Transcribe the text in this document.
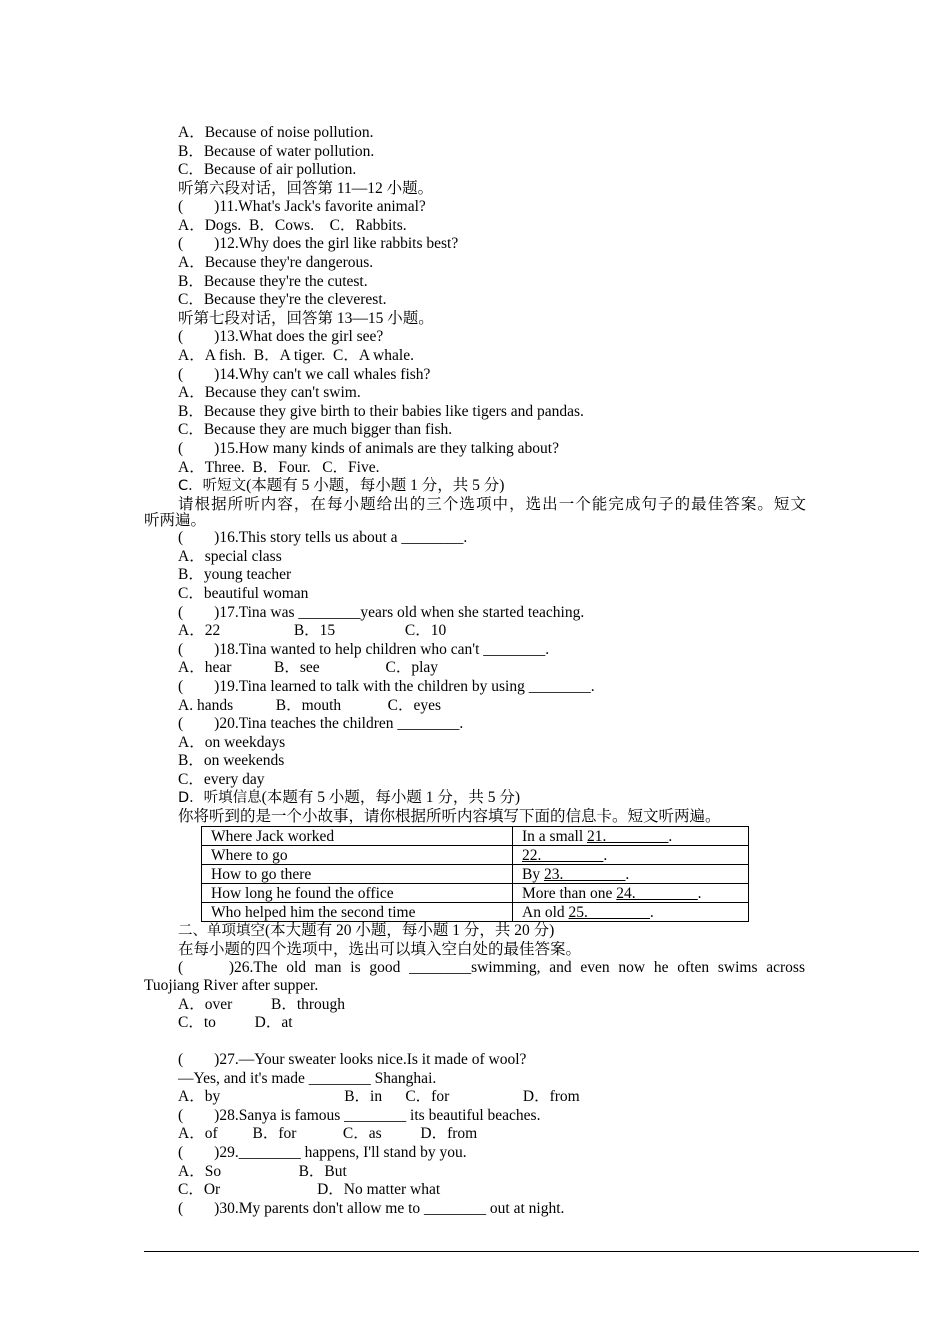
A．Because of noise pollution.
B．Because of water pollution.
C．Because of air pollution.
听第六段对话，回答第 11—12 小题。
(　　)11.What's Jack's favorite animal?
A．Dogs.  B．Cows.    C．Rabbits.
(　　)12.Why does the girl like rabbits best?
A．Because they're dangerous.
B．Because they're the cutest.
C．Because they're the cleverest.
听第七段对话，回答第 13—15 小题。
(　　)13.What does the girl see?
A．A fish.  B．A tiger.  C．A whale.
(　　)14.Why can't we call whales fish?
A．Because they can't swim.
B．Because they give birth to their babies like tigers and pandas.
C．Because they are much bigger than fish.
(　　)15.How many kinds of animals are they talking about?
A．Three.  B．Four.   C．Five.
C．听短文(本题有 5 小题，每小题 1 分，共 5 分)
请根据所听内容，在每小题给出的三个选项中，选出一个能完成句子的最佳答案。短文
听两遍。
(　　)16.This story tells us about a ________.
A．special class
B．young teacher
C．beautiful woman
(　　)17.Tina was ________years old when she started teaching.
A．22                   B．15                  C．10
(　　)18.Tina wanted to help children who can't ________.
A．hear           B．see                 C．play
(　　)19.Tina learned to talk with the children by using ________.
A. hands           B．mouth            C．eyes
(　　)20.Tina teaches the children ________.
A．on weekdays
B．on weekends
C．every day
D．听填信息(本题有 5 小题，每小题 1 分，共 5 分)
你将听到的是一个小故事，请你根据所听内容填写下面的信息卡。短文听两遍。
Where Jack worked	In a small 21.________.
Where to go	22.________.
How to go there	By 23.________.
How long he found the office	More than one 24.________.
Who helped him the second time	An old 25.________.
二、单项填空(本大题有 20 小题，每小题 1 分，共 20 分)
在每小题的四个选项中，选出可以填入空白处的最佳答案。
(　　)26.The old man is good ________swimming, and even now he often swims across
Tuojiang River after supper.
A．over          B．through
C．to          D．at
(　　)27.—Your sweater looks nice.Is it made of wool?
—Yes, and it's made ________ Shanghai.
A．by                                B．in      C．for                   D．from
(　　)28.Sanya is famous ________ its beautiful beaches.
A．of         B．for            C．as          D．from
(　　)29.________ happens, I'll stand by you.
A．So                    B．But
C．Or                         D．No matter what
(　　)30.My parents don't allow me to ________ out at night.
